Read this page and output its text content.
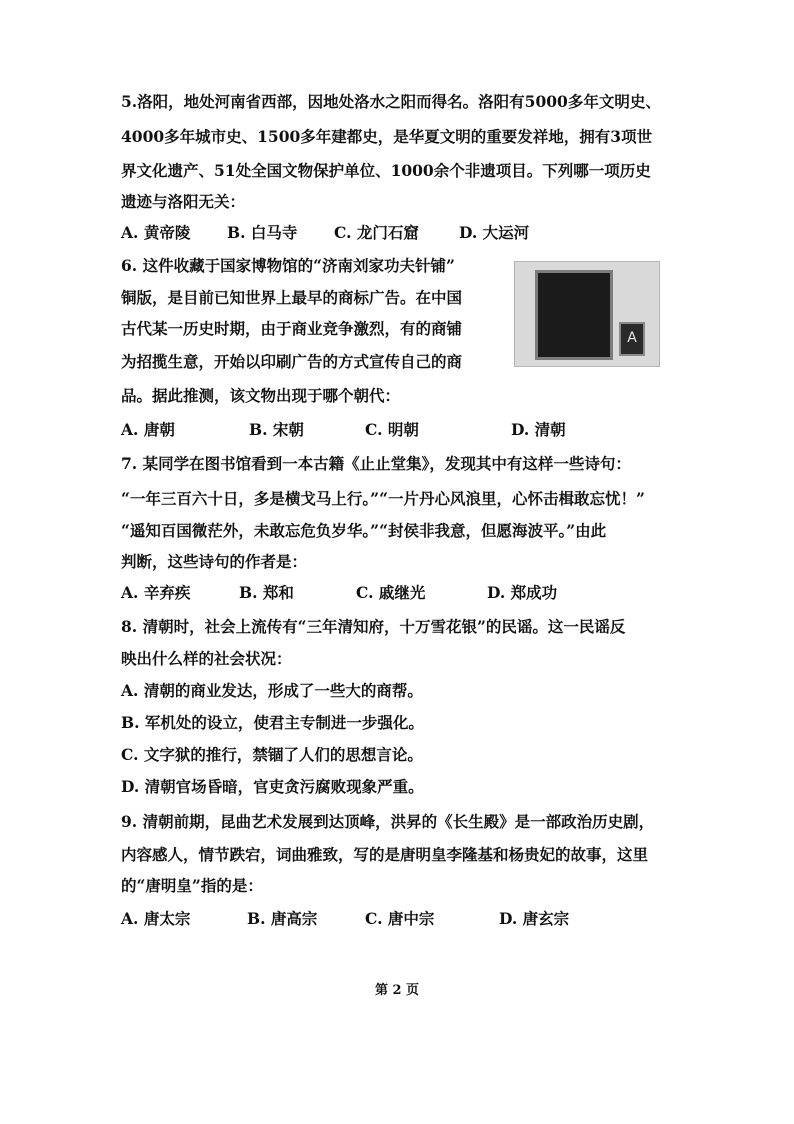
5.洛阳，地处河南省西部，因地处洛水之阳而得名。洛阳有5000多年文明史、
4000多年城市史、1500多年建都史，是华夏文明的重要发祥地，拥有3项世
界文化遗产、51处全国文物保护单位、1000余个非遗项目。下列哪一项历史
遗迹与洛阳无关：
A. 黄帝陵 B. 白马寺 C. 龙门石窟	D. 大运河
6. 这件收藏于国家博物馆的“济南刘家功夫针铺”
铜版，是目前已知世界上最早的商标广告。在中国
古代某一历史时期，由于商业竞争激烈，有的商铺
为招揽生意，开始以印刷广告的方式宣传自己的商
品。据此推测，该文物出现于哪个朝代：
A. 唐朝	B. 宋朝	C. 明朝	D. 清朝
A
7. 某同学在图书馆看到一本古籍《止止堂集》，发现其中有这样一些诗句：
“一年三百六十日，多是横戈马上行。”“一片丹心风浪里，心怀击楫敢忘忧！”
“遥知百国微茫外，未敢忘危负岁华。”“封侯非我意，但愿海波平。”由此
判断，这些诗句的作者是：
A. 辛弃疾	B. 郑和	C. 戚继光	D. 郑成功
8. 清朝时，社会上流传有“三年清知府，十万雪花银”的民谣。这一民谣反
映出什么样的社会状况：
A. 清朝的商业发达，形成了一些大的商帮。
B. 军机处的设立，使君主专制进一步强化。
C. 文字狱的推行，禁锢了人们的思想言论。
D. 清朝官场昏暗，官吏贪污腐败现象严重。
9. 清朝前期，昆曲艺术发展到达顶峰，洪昇的《长生殿》是一部政治历史剧，
内容感人，情节跌宕，词曲雅致，写的是唐明皇李隆基和杨贵妃的故事，这里
的“唐明皇”指的是：
A. 唐太宗	B. 唐高宗	C. 唐中宗	D. 唐玄宗
第 2 页
